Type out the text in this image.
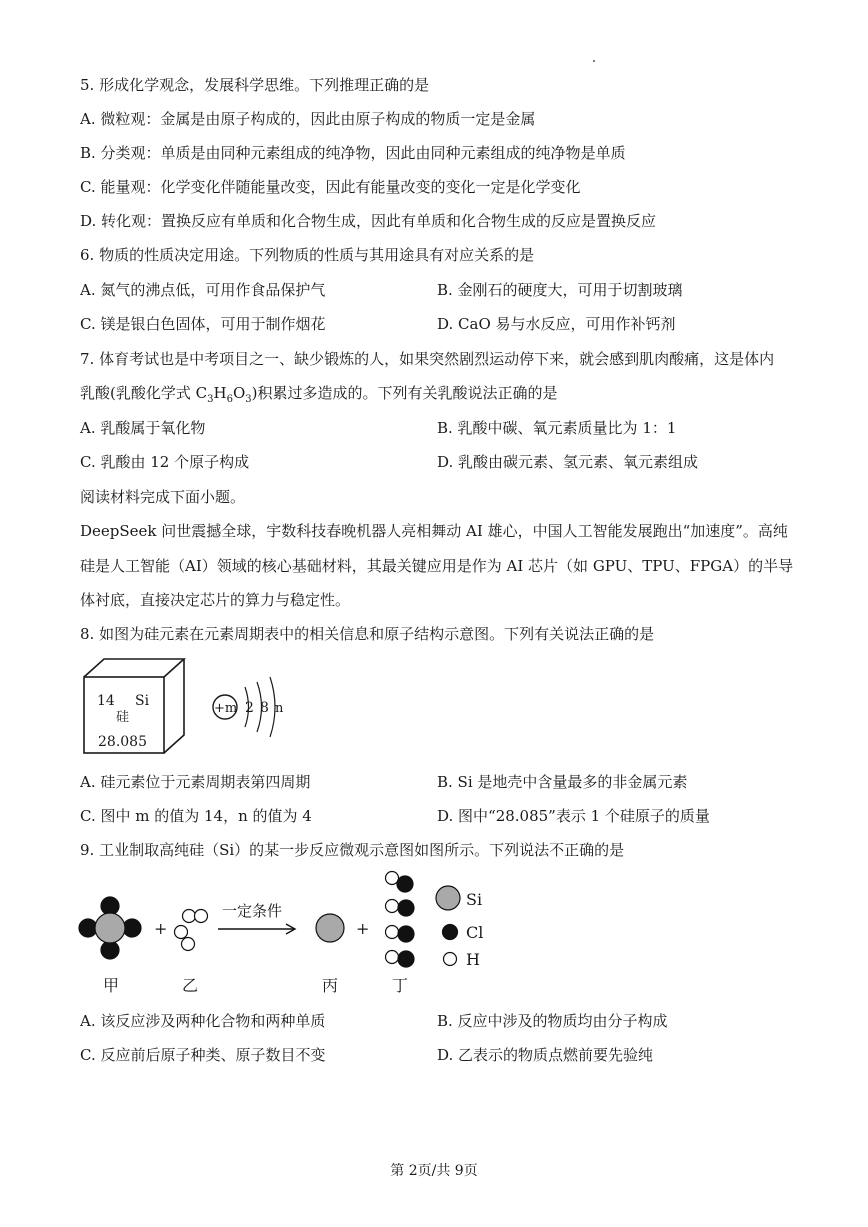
5. 形成化学观念，发展科学思维。下列推理正确的是
A. 微粒观：金属是由原子构成的，因此由原子构成的物质一定是金属
B. 分类观：单质是由同种元素组成的纯净物，因此由同种元素组成的纯净物是单质
C. 能量观：化学变化伴随能量改变，因此有能量改变的变化一定是化学变化
D. 转化观：置换反应有单质和化合物生成，因此有单质和化合物生成的反应是置换反应
6. 物质的性质决定用途。下列物质的性质与其用途具有对应关系的是
A. 氮气的沸点低，可用作食品保护气	B. 金刚石的硬度大，可用于切割玻璃
C. 镁是银白色固体，可用于制作烟花	D. CaO 易与水反应，可用作补钙剂
7. 体育考试也是中考项目之一、缺少锻炼的人，如果突然剧烈运动停下来，就会感到肌肉酸痛，这是体内
乳酸(乳酸化学式 $C_3H_6O_3$)积累过多造成的。下列有关乳酸说法正确的是
A. 乳酸属于氧化物	B. 乳酸中碳、氧元素质量比为 1：1
C. 乳酸由 12 个原子构成	D. 乳酸由碳元素、氢元素、氧元素组成
阅读材料完成下面小题。
DeepSeek 问世震撼全球，宇数科技春晚机器人亮相舞动 AI 雄心，中国人工智能发展跑出“加速度”。高纯
硅是人工智能（AI）领域的核心基础材料，其最关键应用是作为 AI 芯片（如 GPU、TPU、FPGA）的半导
体衬底，直接决定芯片的算力与稳定性。
8. 如图为硅元素在元素周期表中的相关信息和原子结构示意图。下列有关说法正确的是
14 Si
硅
28.085
+m 2 8 n
A. 硅元素位于元素周期表第四周期	B. Si 是地壳中含量最多的非金属元素
C. 图中 m 的值为 14，n 的值为 4	D. 图中“28.085”表示 1 个硅原子的质量
9. 工业制取高纯硅（Si）的某一步反应微观示意图如图所示。下列说法不正确的是
+
一定条件
+
Si
Cl
H
甲	乙	丙	丁
A. 该反应涉及两种化合物和两种单质	B. 反应中涉及的物质均由分子构成
C. 反应前后原子种类、原子数目不变	D. 乙表示的物质点燃前要先验纯
第 2页/共 9页
